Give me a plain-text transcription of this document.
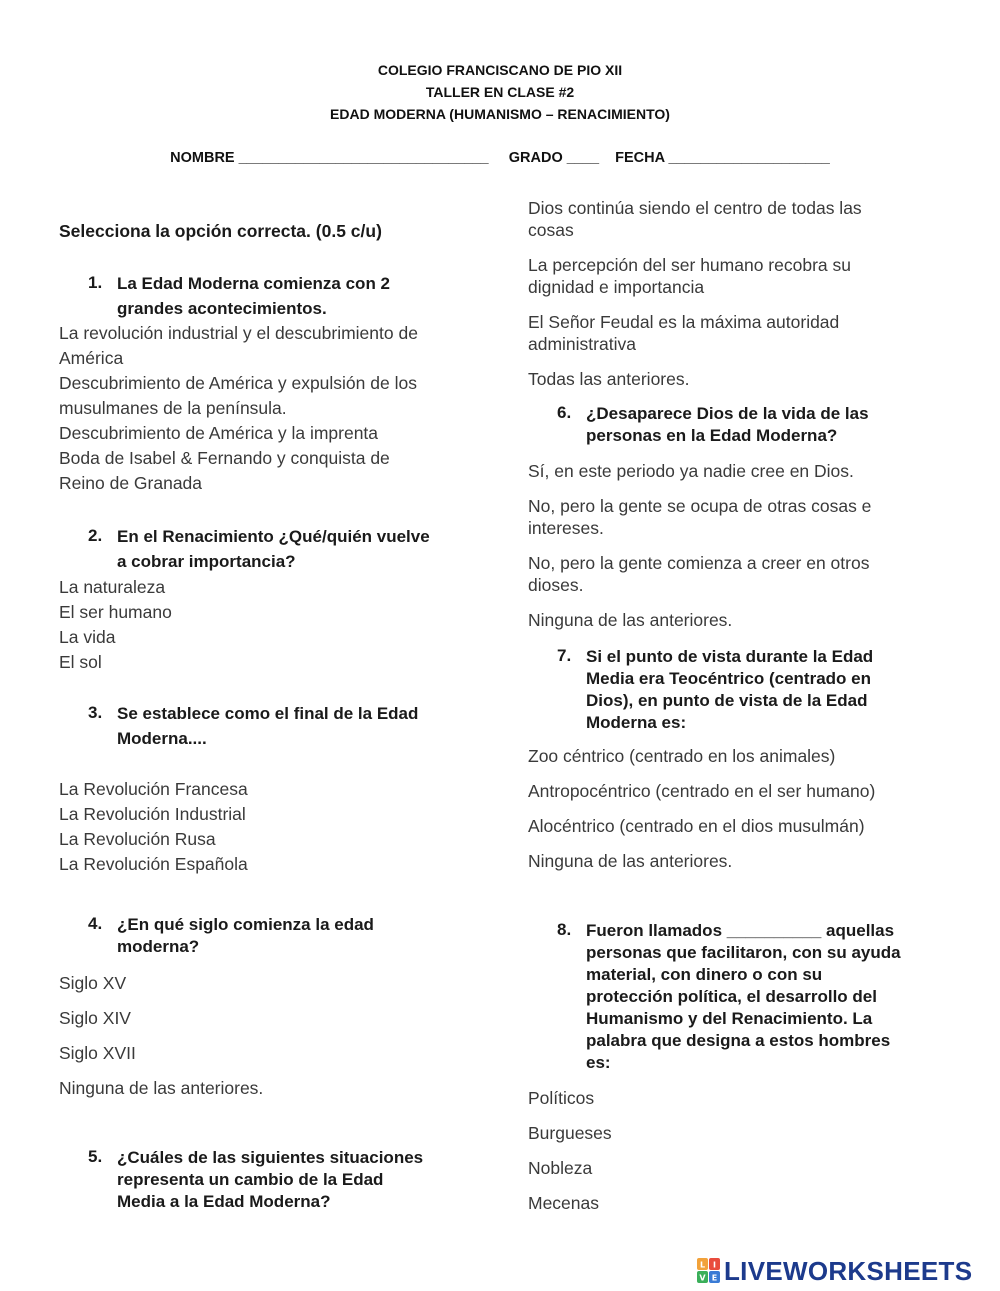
COLEGIO FRANCISCANO DE PIO XII
TALLER EN CLASE #2
EDAD MODERNA (HUMANISMO – RENACIMIENTO)
NOMBRE _______________________________     GRADO ____    FECHA ____________________
Selecciona la opción correcta. (0.5 c/u)
1. La Edad Moderna comienza con 2
grandes acontecimientos.
La revolución industrial y el descubrimiento de
América
Descubrimiento de América y expulsión de los
musulmanes de la península.
Descubrimiento de América y la imprenta
Boda de Isabel & Fernando y conquista de
Reino de Granada
2. En el Renacimiento ¿Qué/quién vuelve
a cobrar importancia?
La naturaleza
El ser humano
La vida
El sol
3. Se establece como el final de la Edad
Moderna....
La Revolución Francesa
La Revolución Industrial
La Revolución Rusa
La Revolución Española
4. ¿En qué siglo comienza la edad
moderna?
Siglo XV
Siglo XIV
Siglo XVII
Ninguna de las anteriores.
5. ¿Cuáles de las siguientes situaciones
representa un cambio de la Edad
Media a la Edad Moderna?
Dios continúa siendo el centro de todas las
cosas
La percepción del ser humano recobra su
dignidad e importancia
El Señor Feudal es la máxima autoridad
administrativa
Todas las anteriores.
6. ¿Desaparece Dios de la vida de las
personas en la Edad Moderna?
Sí, en este periodo ya nadie cree en Dios.
No, pero la gente se ocupa de otras cosas e
intereses.
No, pero la gente comienza a creer en otros
dioses.
Ninguna de las anteriores.
7. Si el punto de vista durante la Edad
Media era Teocéntrico (centrado en
Dios), en punto de vista de la Edad
Moderna es:
Zoo céntrico (centrado en los animales)
Antropocéntrico (centrado en el ser humano)
Alocéntrico (centrado en el dios musulmán)
Ninguna de las anteriores.
8. Fueron llamados __________ aquellas
personas que facilitaron, con su ayuda
material, con dinero o con su
protección política, el desarrollo del
Humanismo y del Renacimiento. La
palabra que designa a estos hombres
es:
Políticos
Burgueses
Nobleza
Mecenas
L I
V E LIVEWORKSHEETS
